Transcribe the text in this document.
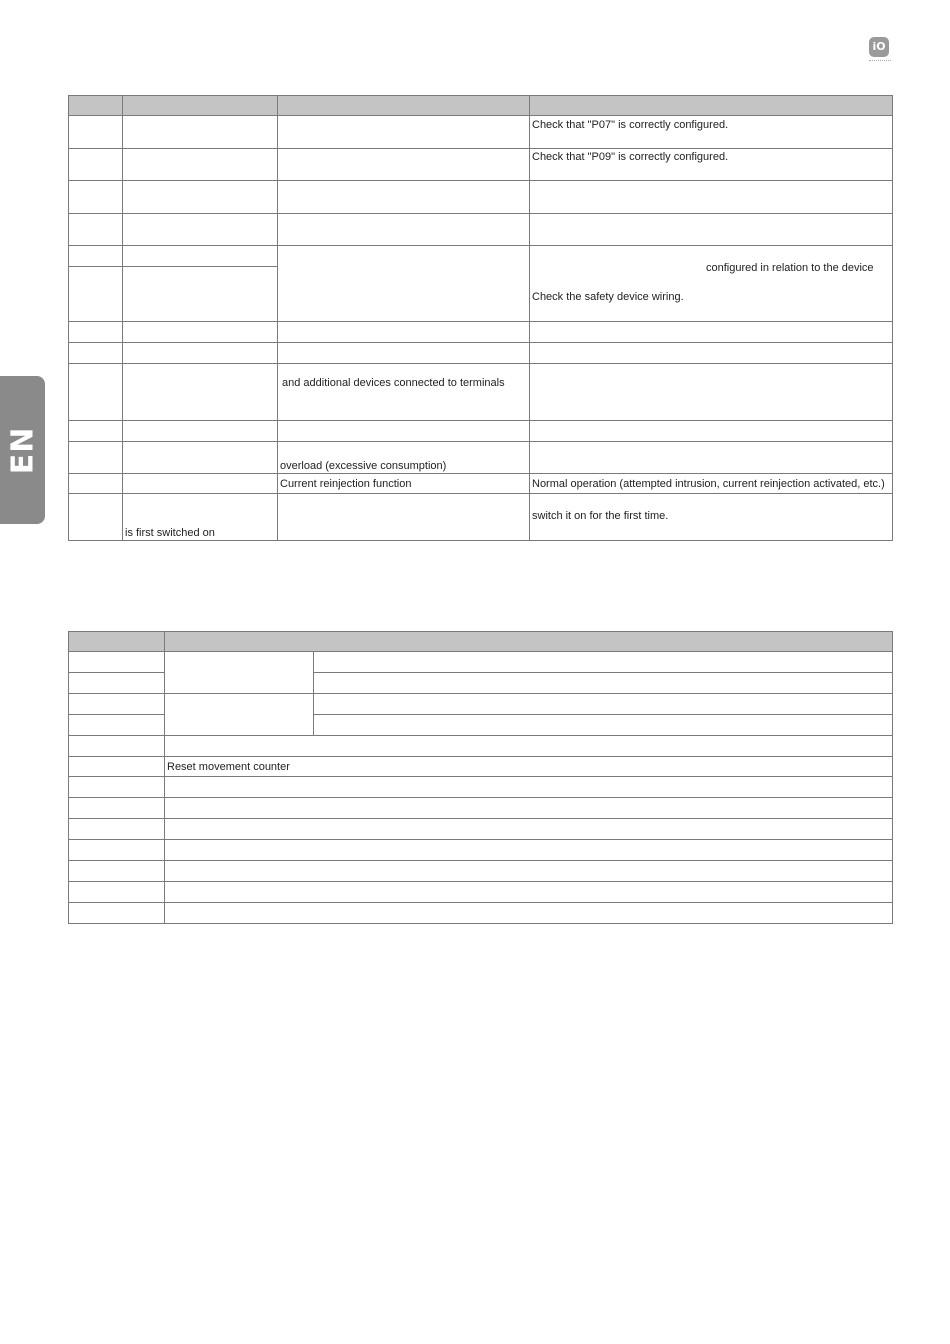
EN
iO

			Check that "P07" is correctly configured.
			Check that "P09" is correctly configured.

			configured in relation to the device
Check the safety device wiring.

		and additional devices connected to terminals	

		overload (excessive consumption)	
		Current reinjection function	Normal operation (attempted intrusion, current reinjection activated, etc.)
	is first switched on		switch it on for the first time.

	Reset movement counter	
